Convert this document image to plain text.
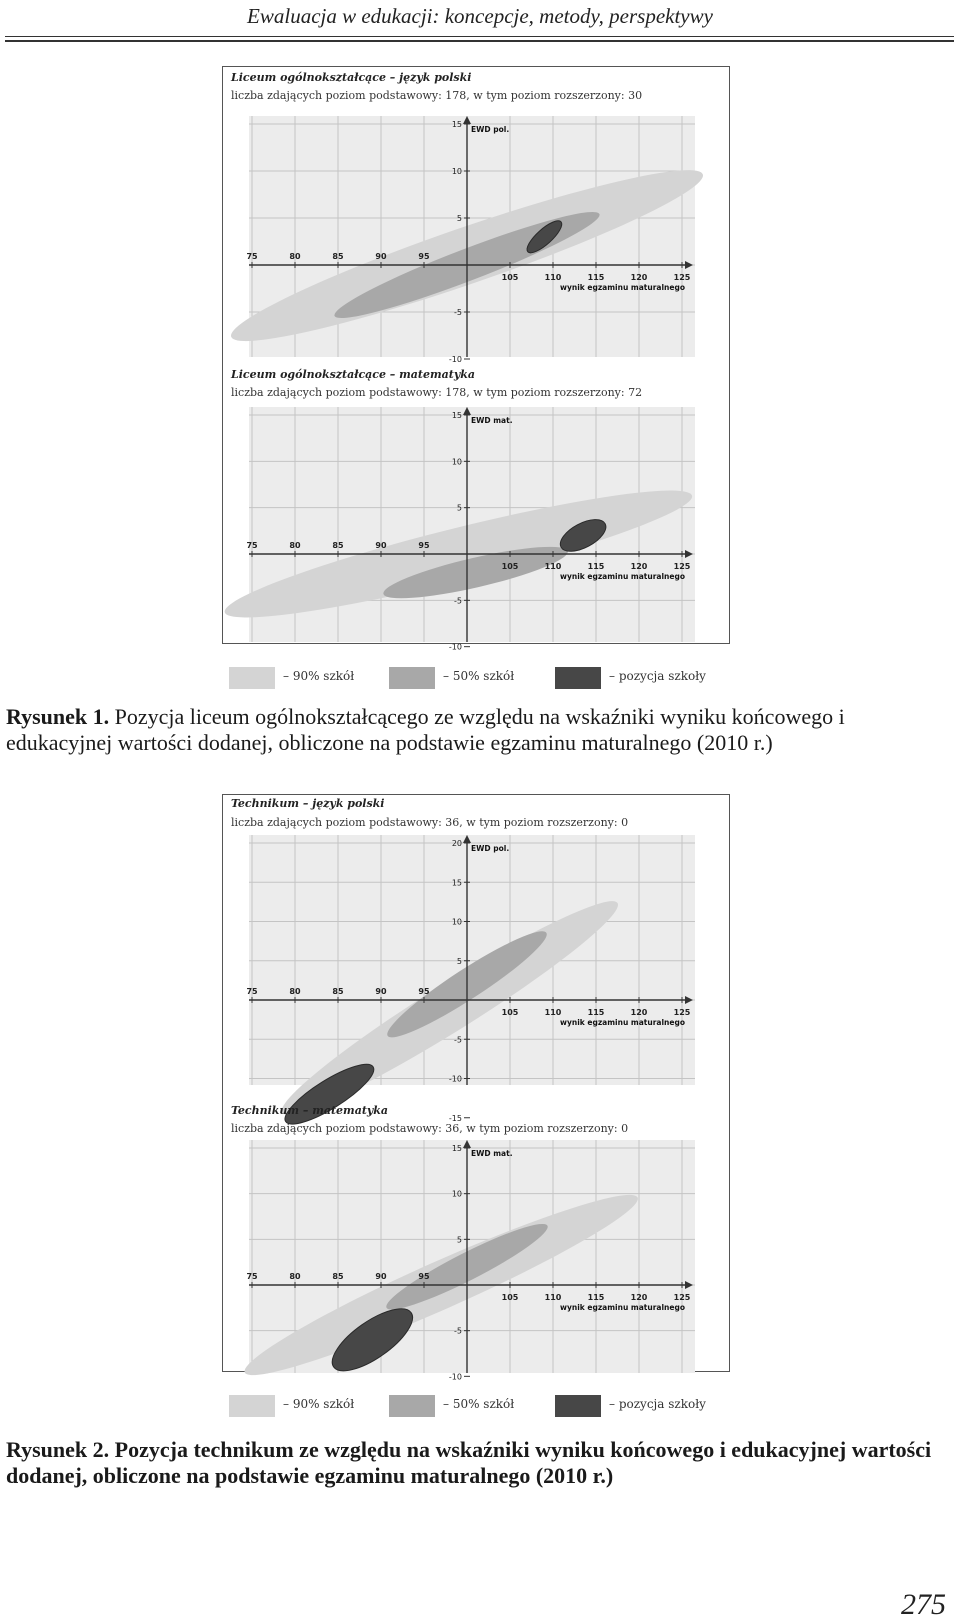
Ewaluacja w edukacji: koncepcje, metody, perspektywy
Liceum ogólnokształcące – język polski
liczba zdających poziom podstawowy: 178, w tym poziom rozszerzony: 30
75	80	85	90	95
105	110	115	120	125
15
10
5
-5
-10
EWD pol.
wynik egzaminu maturalnego
Liceum ogólnokształcące – matematyka
liczba zdających poziom podstawowy: 178, w tym poziom rozszerzony: 72
75	80	85	90	95
105	110	115	120	125
15
10
5
-5
-10
EWD mat.
wynik egzaminu maturalnego
– 90% szkół	– 50% szkół	– pozycja szkoły
Rysunek 1. Pozycja liceum ogólnokształcącego ze względu na wskaźniki wyniku końcowego i edukacyjnej wartości dodanej, obliczone na podstawie egzaminu maturalnego (2010 r.)
Technikum – język polski
liczba zdających poziom podstawowy: 36, w tym poziom rozszerzony: 0
75	80	85	90	95
105	110	115	120	125
20
15
10
5
-5
-10
-15
EWD pol.
wynik egzaminu maturalnego
Technikum – matematyka
liczba zdających poziom podstawowy: 36, w tym poziom rozszerzony: 0
75	80	85	90	95
105	110	115	120	125
15
10
5
-5
-10
EWD mat.
wynik egzaminu maturalnego
– 90% szkół	– 50% szkół	– pozycja szkoły
Rysunek 2. Pozycja technikum ze względu na wskaźniki wyniku końcowego i edukacyjnej wartości dodanej, obliczone na podstawie egzaminu maturalnego (2010 r.)
275
